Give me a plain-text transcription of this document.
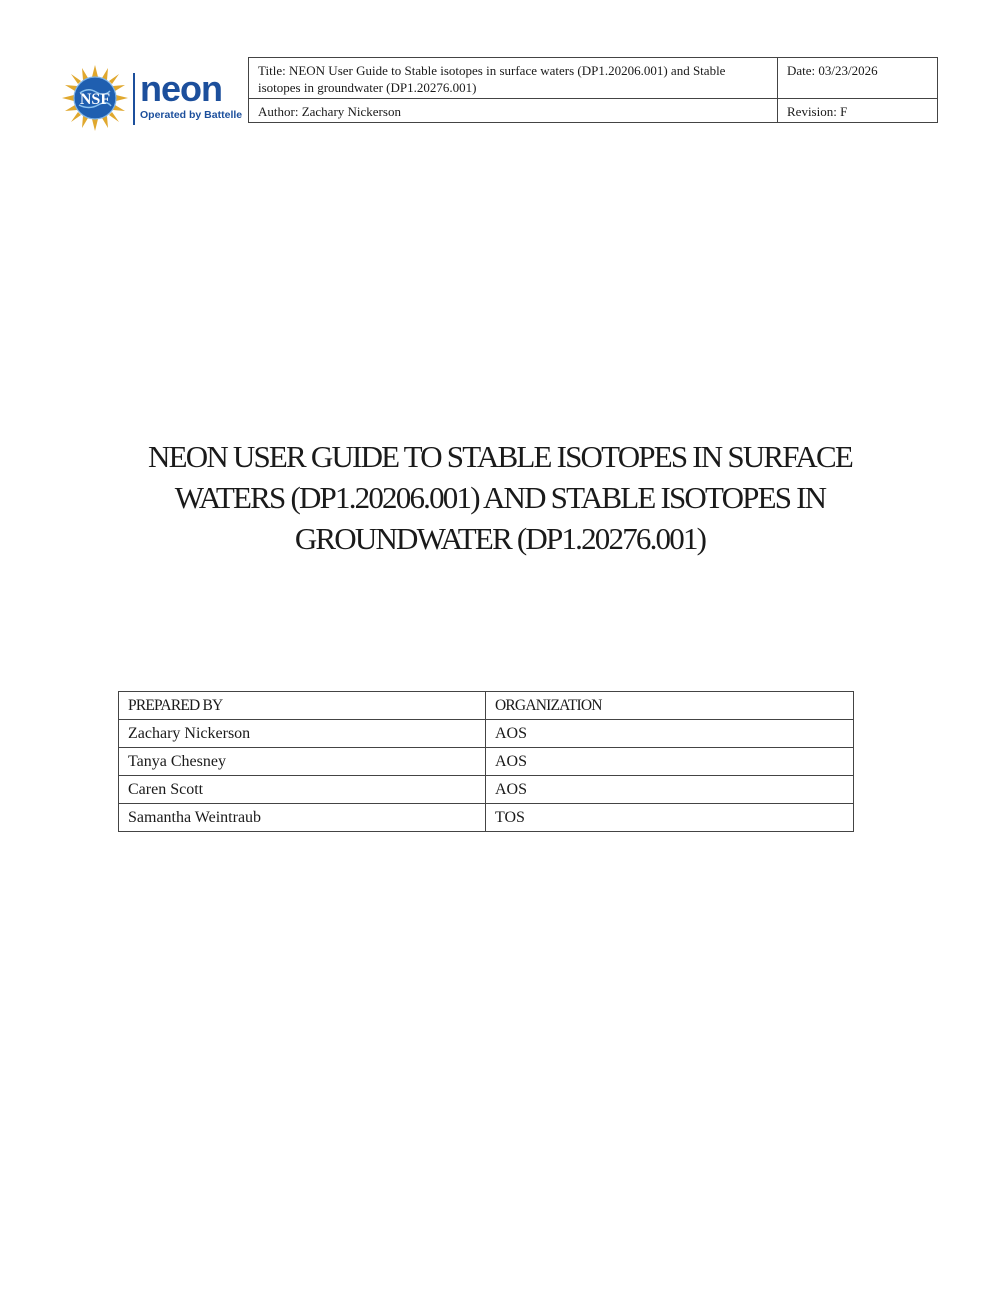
NSF neon
Operated by Battelle
Title: NEON User Guide to Stable isotopes in surface waters (DP1.20206.001) and Stable isotopes in groundwater (DP1.20276.001)	Date: 03/23/2026
Author: Zachary Nickerson	Revision: F
NEON USER GUIDE TO STABLE ISOTOPES IN SURFACE WATERS (DP1.20206.001) AND STABLE ISOTOPES IN GROUNDWATER (DP1.20276.001)
PREPARED BY	ORGANIZATION
Zachary Nickerson	AOS
Tanya Chesney	AOS
Caren Scott	AOS
Samantha Weintraub	TOS
